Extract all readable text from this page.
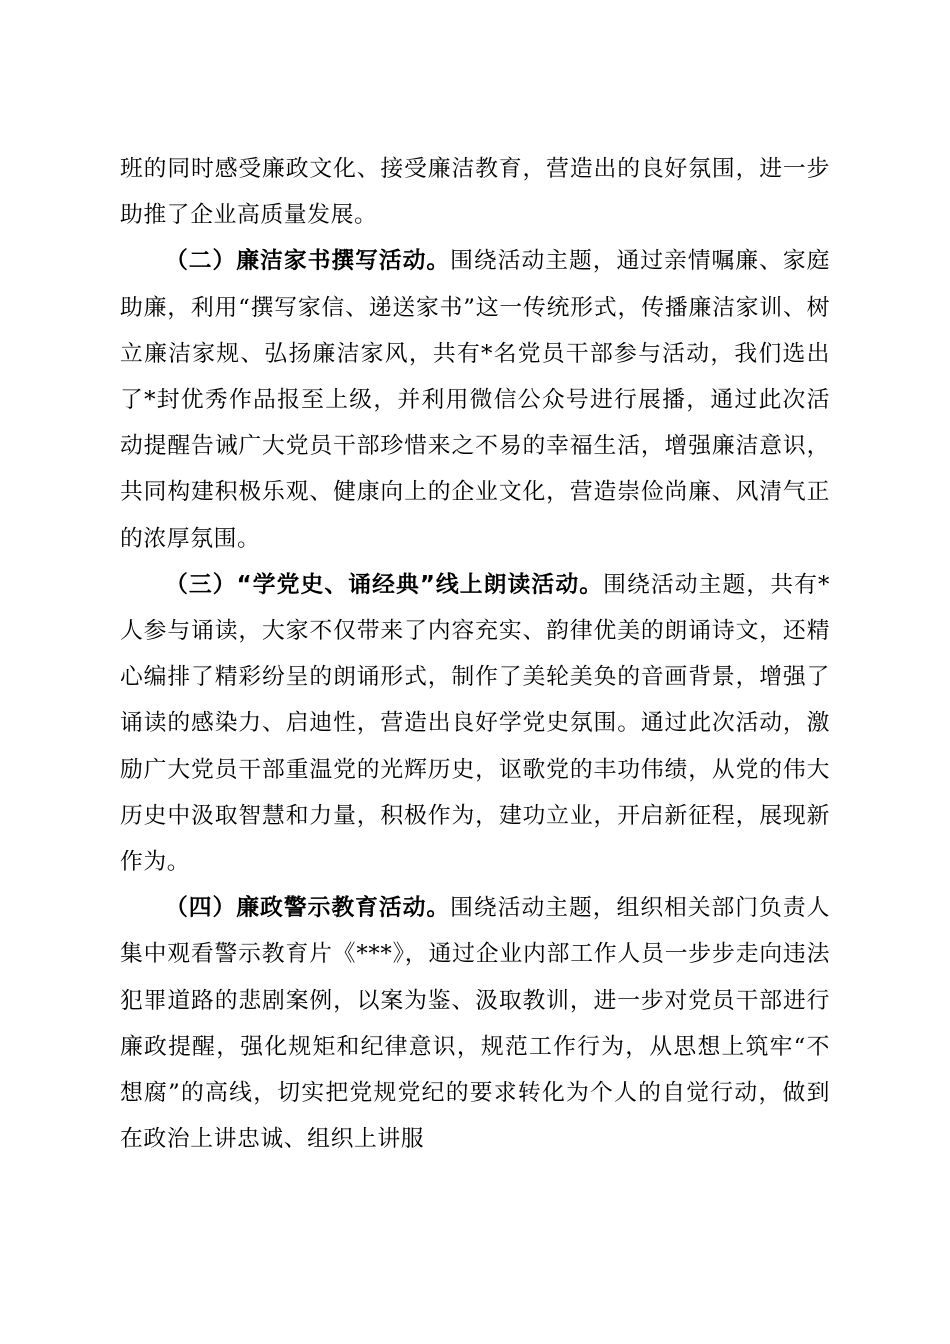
班的同时感受廉政文化、接受廉洁教育，营造出的良好氛围，进一步助推了企业高质量发展。

（二）廉洁家书撰写活动。围绕活动主题，通过亲情嘱廉、家庭助廉，利用“撰写家信、递送家书”这一传统形式，传播廉洁家训、树立廉洁家规、弘扬廉洁家风，共有*名党员干部参与活动，我们选出了*封优秀作品报至上级，并利用微信公众号进行展播，通过此次活动提醒告诫广大党员干部珍惜来之不易的幸福生活，增强廉洁意识，共同构建积极乐观、健康向上的企业文化，营造崇俭尚廉、风清气正的浓厚氛围。

（三）“学党史、诵经典”线上朗读活动。围绕活动主题，共有*人参与诵读，大家不仅带来了内容充实、韵律优美的朗诵诗文，还精心编排了精彩纷呈的朗诵形式，制作了美轮美奂的音画背景，增强了诵读的感染力、启迪性，营造出良好学党史氛围。通过此次活动，激励广大党员干部重温党的光辉历史，讴歌党的丰功伟绩，从党的伟大历史中汲取智慧和力量，积极作为，建功立业，开启新征程，展现新作为。

（四）廉政警示教育活动。围绕活动主题，组织相关部门负责人集中观看警示教育片《***》，通过企业内部工作人员一步步走向违法犯罪道路的悲剧案例，以案为鉴、汲取教训，进一步对党员干部进行廉政提醒，强化规矩和纪律意识，规范工作行为，从思想上筑牢“不想腐”的高线，切实把党规党纪的要求转化为个人的自觉行动，做到在政治上讲忠诚、组织上讲服
